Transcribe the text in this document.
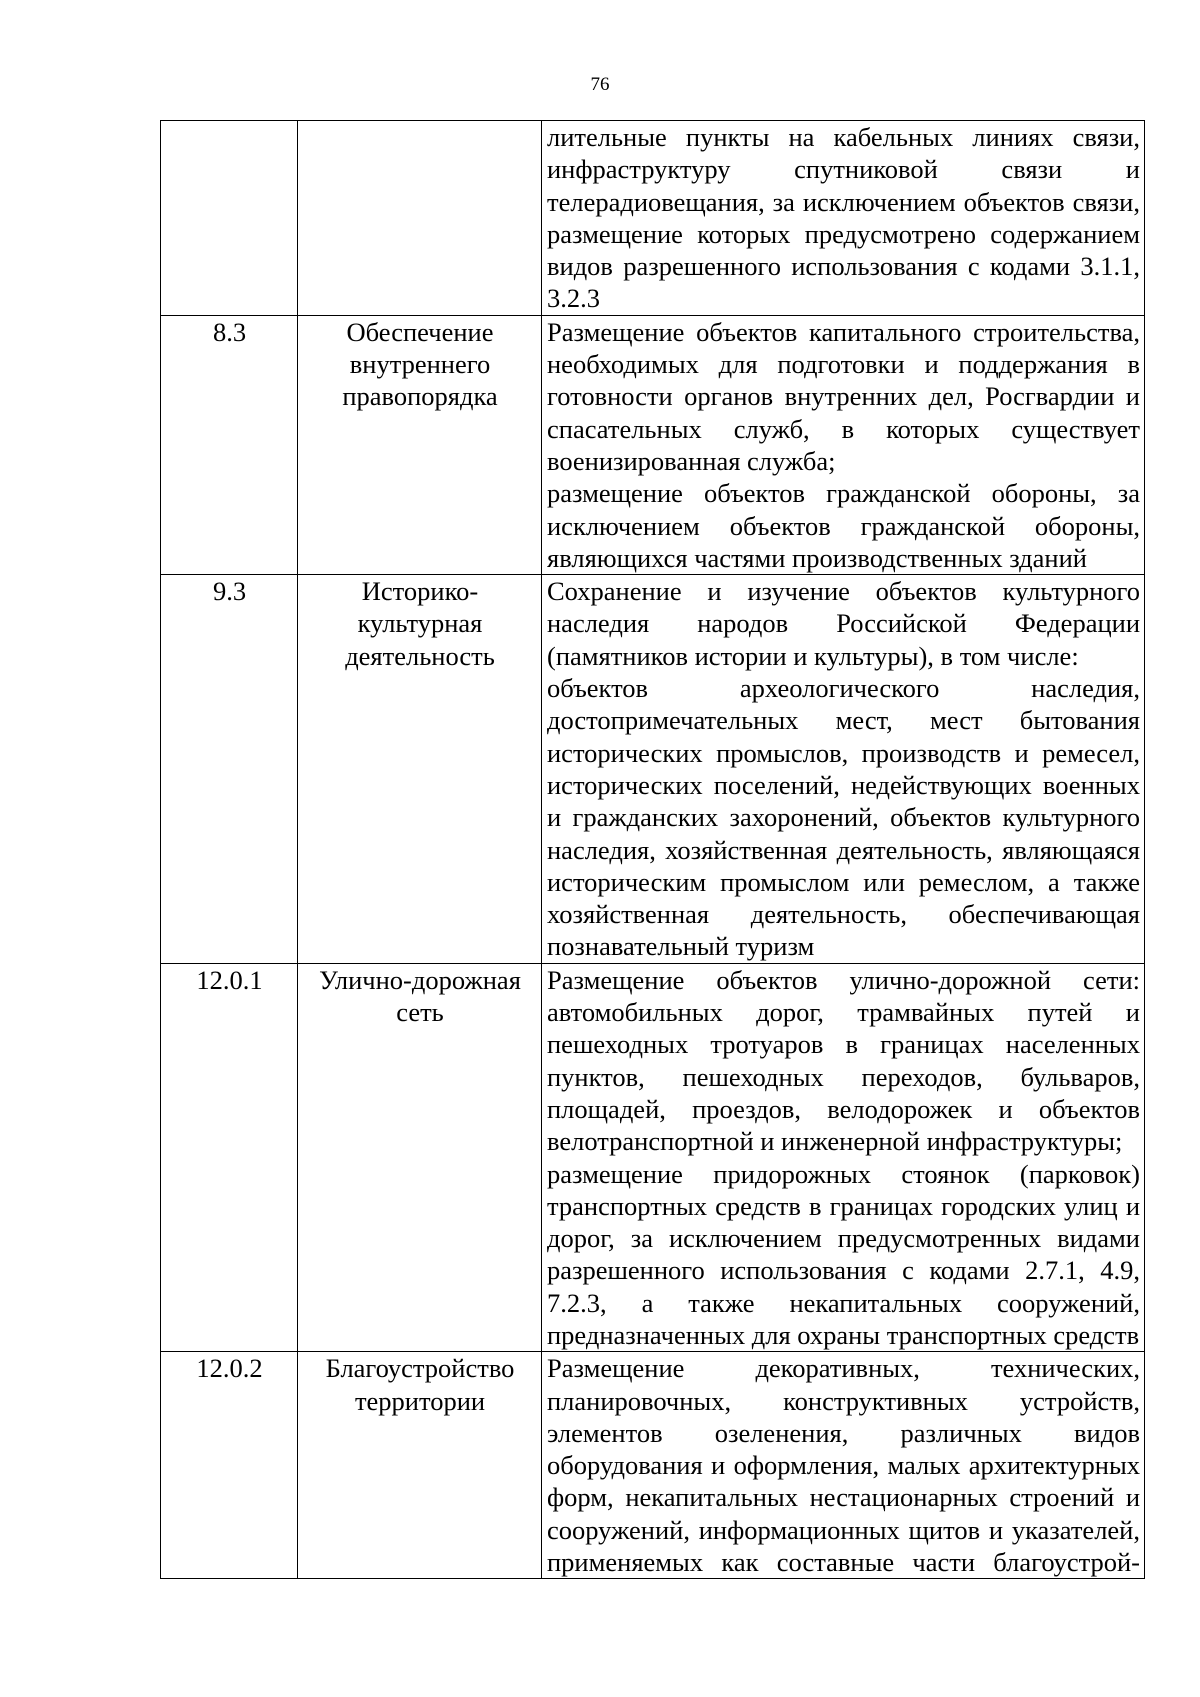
76

		лительные пункты на кабельных линиях связи, инфраструктуру спутниковой связи и телерадиовещания, за исключением объектов связи, размещение которых предусмотрено содержанием видов разрешенного использования с кодами 3.1.1, 3.2.3

8.3	Обеспечение внутреннего правопорядка	Размещение объектов капитального строительства, необходимых для подготовки и поддержания в готовности органов внутренних дел, Росгвардии и спасательных служб, в которых существует военизированная служба;
размещение объектов гражданской обороны, за исключением объектов гражданской обороны, являющихся частями производственных зданий

9.3	Историко-культурная деятельность	Сохранение и изучение объектов культурного наследия народов Российской Федерации (памятников истории и культуры), в том числе:
объектов археологического наследия, достопримечательных мест, мест бытования исторических промыслов, производств и ремесел, исторических поселений, недействующих военных и гражданских захоронений, объектов культурного наследия, хозяйственная деятельность, являющаяся историческим промыслом или ремеслом, а также хозяйственная деятельность, обеспечивающая познавательный туризм

12.0.1	Улично-дорожная сеть	Размещение объектов улично-дорожной сети: автомобильных дорог, трамвайных путей и пешеходных тротуаров в границах населенных пунктов, пешеходных переходов, бульваров, площадей, проездов, велодорожек и объектов велотранспортной и инженерной инфраструктуры;
размещение придорожных стоянок (парковок) транспортных средств в границах городских улиц и дорог, за исключением предусмотренных видами разрешенного использования с кодами 2.7.1, 4.9, 7.2.3, а также некапитальных сооружений, предназначенных для охраны транспортных средств

12.0.2	Благоустройство территории	Размещение декоративных, технических, планировочных, конструктивных устройств, элементов озеленения, различных видов оборудования и оформления, малых архитектурных форм, некапитальных нестационарных строений и сооружений, информационных щитов и указателей, применяемых как составные части благоустрой-
